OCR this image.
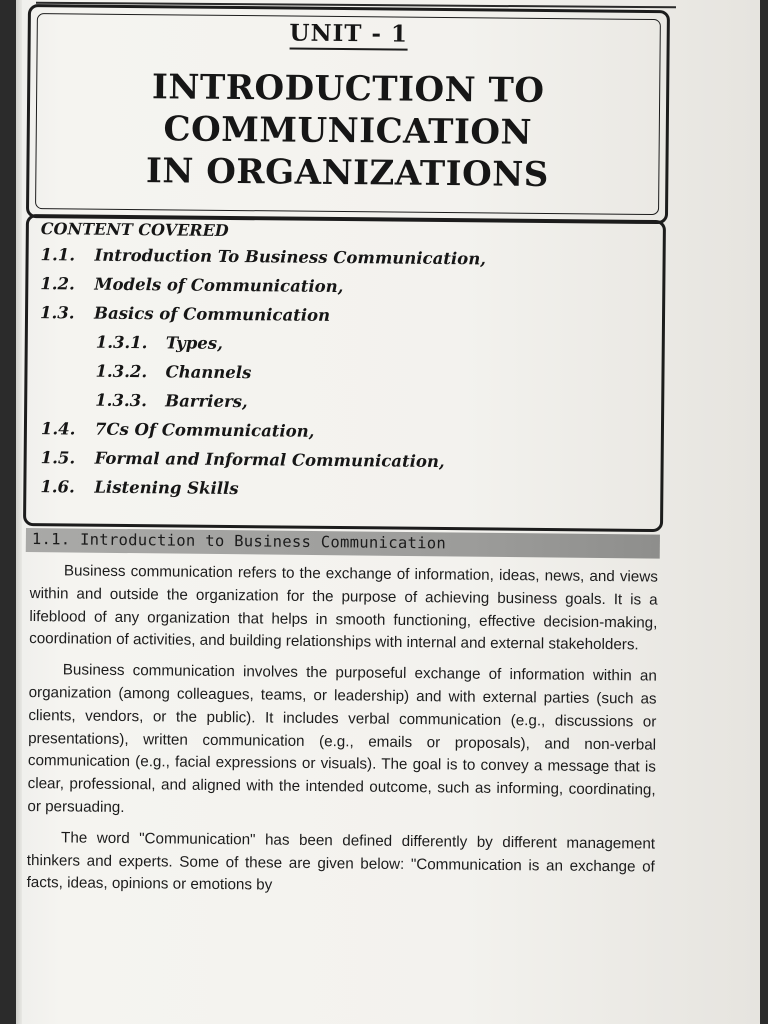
UNIT - 1
INTRODUCTION TO
COMMUNICATION
IN ORGANIZATIONS
CONTENT COVERED
1.1. Introduction To Business Communication,
1.2. Models of Communication,
1.3. Basics of Communication
1.3.1. Types,
1.3.2. Channels
1.3.3. Barriers,
1.4. 7Cs Of Communication,
1.5. Formal and Informal Communication,
1.6. Listening Skills
1.1. Introduction to Business Communication

Business communication refers to the exchange of information, ideas, news, and views within and outside the organization for the purpose of achieving business goals. It is a lifeblood of any organization that helps in smooth functioning, effective decision-making, coordination of activities, and building relationships with internal and external stakeholders.

Business communication involves the purposeful exchange of information within an organization (among colleagues, teams, or leadership) and with external parties (such as clients, vendors, or the public). It includes verbal communication (e.g., discussions or presentations), written communication (e.g., emails or proposals), and non-verbal communication (e.g., facial expressions or visuals). The goal is to convey a message that is clear, professional, and aligned with the intended outcome, such as informing, coordinating, or persuading.

The word "Communication" has been defined differently by different management thinkers and experts. Some of these are given below: "Communication is an exchange of facts, ideas, opinions or emotions by
